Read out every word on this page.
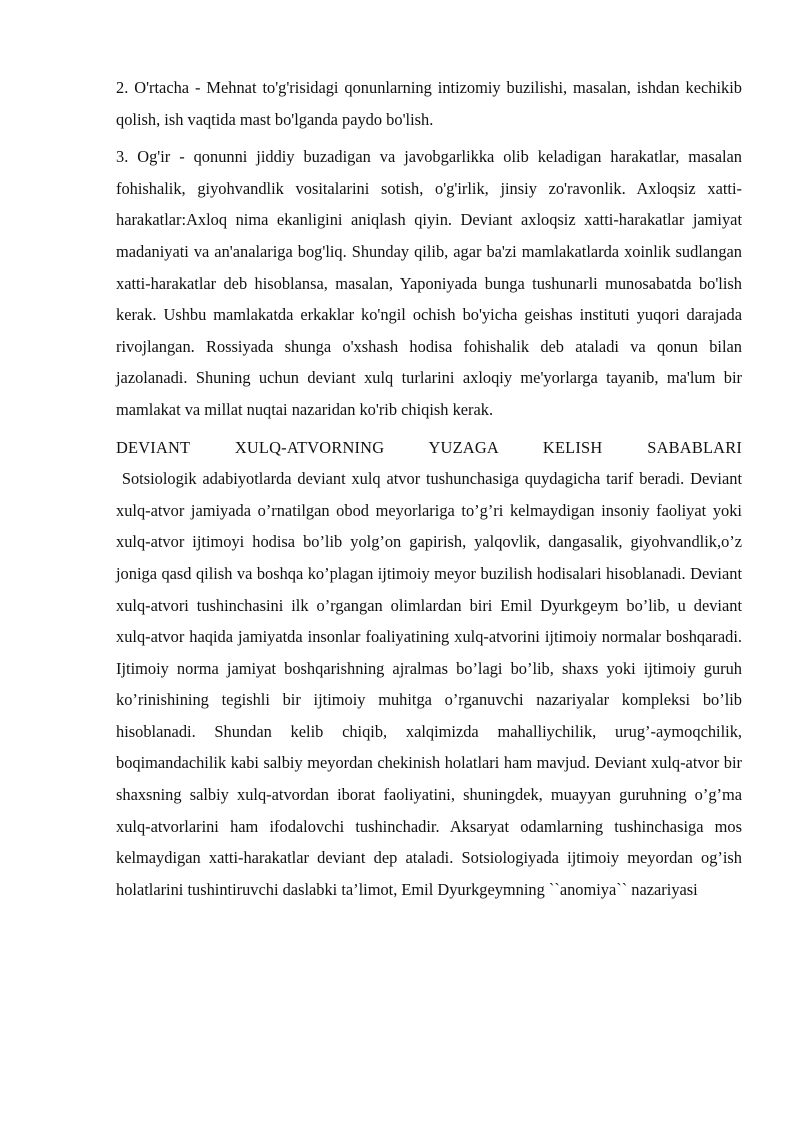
2. O'rtacha - Mehnat to'g'risidagi qonunlarning intizomiy buzilishi, masalan, ishdan kechikib qolish, ish vaqtida mast bo'lganda paydo bo'lish.

3. Og'ir - qonunni jiddiy buzadigan va javobgarlikka olib keladigan harakatlar, masalan fohishalik, giyohvandlik vositalarini sotish, o'g'irlik, jinsiy zo'ravonlik. Axloqsiz xatti-harakatlar:Axloq nima ekanligini aniqlash qiyin. Deviant axloqsiz xatti-harakatlar jamiyat madaniyati va an'analariga bog'liq. Shunday qilib, agar ba'zi mamlakatlarda xoinlik sudlangan xatti-harakatlar deb hisoblansa, masalan, Yaponiyada bunga tushunarli munosabatda bo'lish kerak. Ushbu mamlakatda erkaklar ko'ngil ochish bo'yicha geishas instituti yuqori darajada rivojlangan. Rossiyada shunga o'xshash hodisa fohishalik deb ataladi va qonun bilan jazolanadi. Shuning uchun deviant xulq turlarini axloqiy me'yorlarga tayanib, ma'lum bir mamlakat va millat nuqtai nazaridan ko'rib chiqish kerak.

DEVIANT XULQ-ATVORNING YUZAGA KELISH SABABLARI

Sotsiologik adabiyotlarda deviant xulq atvor tushunchasiga quydagicha tarif beradi. Deviant xulq-atvor jamiyada o’rnatilgan obod meyorlariga to’g’ri kelmaydigan insoniy faoliyat yoki xulq-atvor ijtimoyi hodisa bo’lib yolg’on gapirish, yalqovlik, dangasalik, giyohvandlik,o’z joniga qasd qilish va boshqa ko’plagan ijtimoiy meyor buzilish hodisalari hisoblanadi. Deviant xulq-atvori tushinchasini ilk o’rgangan olimlardan biri Emil Dyurkgeym bo’lib, u deviant xulq-atvor haqida jamiyatda insonlar foaliyatining xulq-atvorini ijtimoiy normalar boshqaradi. Ijtimoiy norma jamiyat boshqarishning ajralmas bo’lagi bo’lib, shaxs yoki ijtimoiy guruh ko’rinishining tegishli bir ijtimoiy muhitga o’rganuvchi nazariyalar kompleksi bo’lib hisoblanadi. Shundan kelib chiqib, xalqimizda mahalliychilik, urug’-aymoqchilik, boqimandachilik kabi salbiy meyordan chekinish holatlari ham mavjud. Deviant xulq-atvor bir shaxsning salbiy xulq-atvordan iborat faoliyatini, shuningdek, muayyan guruhning o’g’ma xulq-atvorlarini ham ifodalovchi tushinchadir. Aksaryat odamlarning tushinchasiga mos kelmaydigan xatti-harakatlar deviant dep ataladi. Sotsiologiyada ijtimoiy meyordan og’ish holatlarini tushintiruvchi daslabki ta’limot, Emil Dyurkgeymning ``anomiya`` nazariyasi
